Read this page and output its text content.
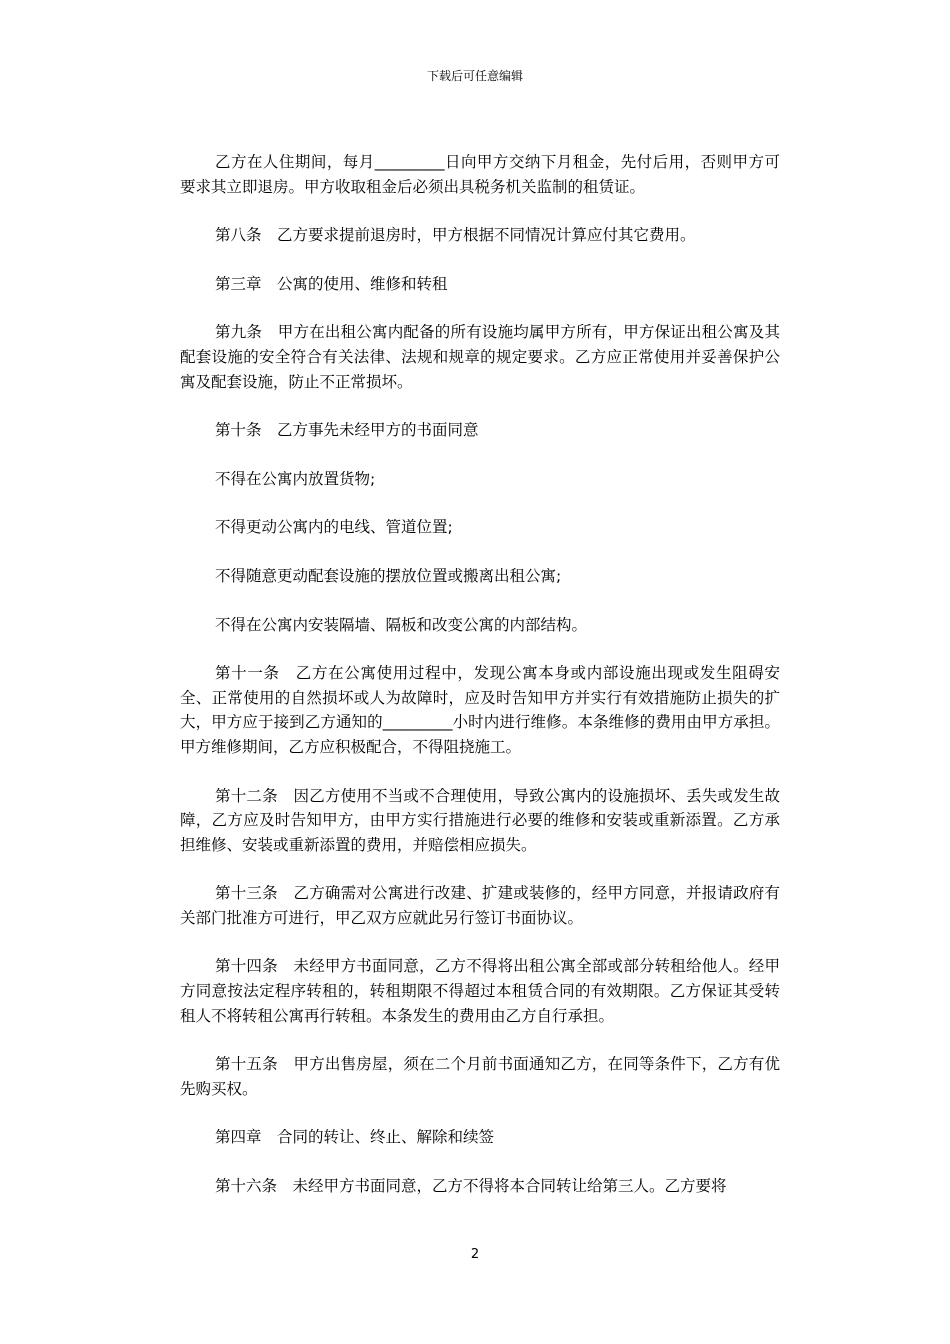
下载后可任意编辑

乙方在人住期间，每月_________日向甲方交纳下月租金，先付后用，否则甲方可要求其立即退房。甲方收取租金后必须出具税务机关监制的租赁证。

第八条　乙方要求提前退房时，甲方根据不同情况计算应付其它费用。

第三章　公寓的使用、维修和转租

第九条　甲方在出租公寓内配备的所有设施均属甲方所有，甲方保证出租公寓及其配套设施的安全符合有关法律、法规和规章的规定要求。乙方应正常使用并妥善保护公寓及配套设施，防止不正常损坏。

第十条　乙方事先未经甲方的书面同意

不得在公寓内放置货物;

不得更动公寓内的电线、管道位置;

不得随意更动配套设施的摆放位置或搬离出租公寓;

不得在公寓内安装隔墙、隔板和改变公寓的内部结构。

第十一条　乙方在公寓使用过程中，发现公寓本身或内部设施出现或发生阻碍安全、正常使用的自然损坏或人为故障时，应及时告知甲方并实行有效措施防止损失的扩大，甲方应于接到乙方通知的_________小时内进行维修。本条维修的费用由甲方承担。甲方维修期间，乙方应积极配合，不得阻挠施工。

第十二条　因乙方使用不当或不合理使用，导致公寓内的设施损坏、丢失或发生故障，乙方应及时告知甲方，由甲方实行措施进行必要的维修和安装或重新添置。乙方承担维修、安装或重新添置的费用，并赔偿相应损失。

第十三条　乙方确需对公寓进行改建、扩建或装修的，经甲方同意，并报请政府有关部门批准方可进行，甲乙双方应就此另行签订书面协议。

第十四条　未经甲方书面同意，乙方不得将出租公寓全部或部分转租给他人。经甲方同意按法定程序转租的，转租期限不得超过本租赁合同的有效期限。乙方保证其受转租人不将转租公寓再行转租。本条发生的费用由乙方自行承担。

第十五条　甲方出售房屋，须在二个月前书面通知乙方，在同等条件下，乙方有优先购买权。

第四章　合同的转让、终止、解除和续签

第十六条　未经甲方书面同意，乙方不得将本合同转让给第三人。乙方要将

2
